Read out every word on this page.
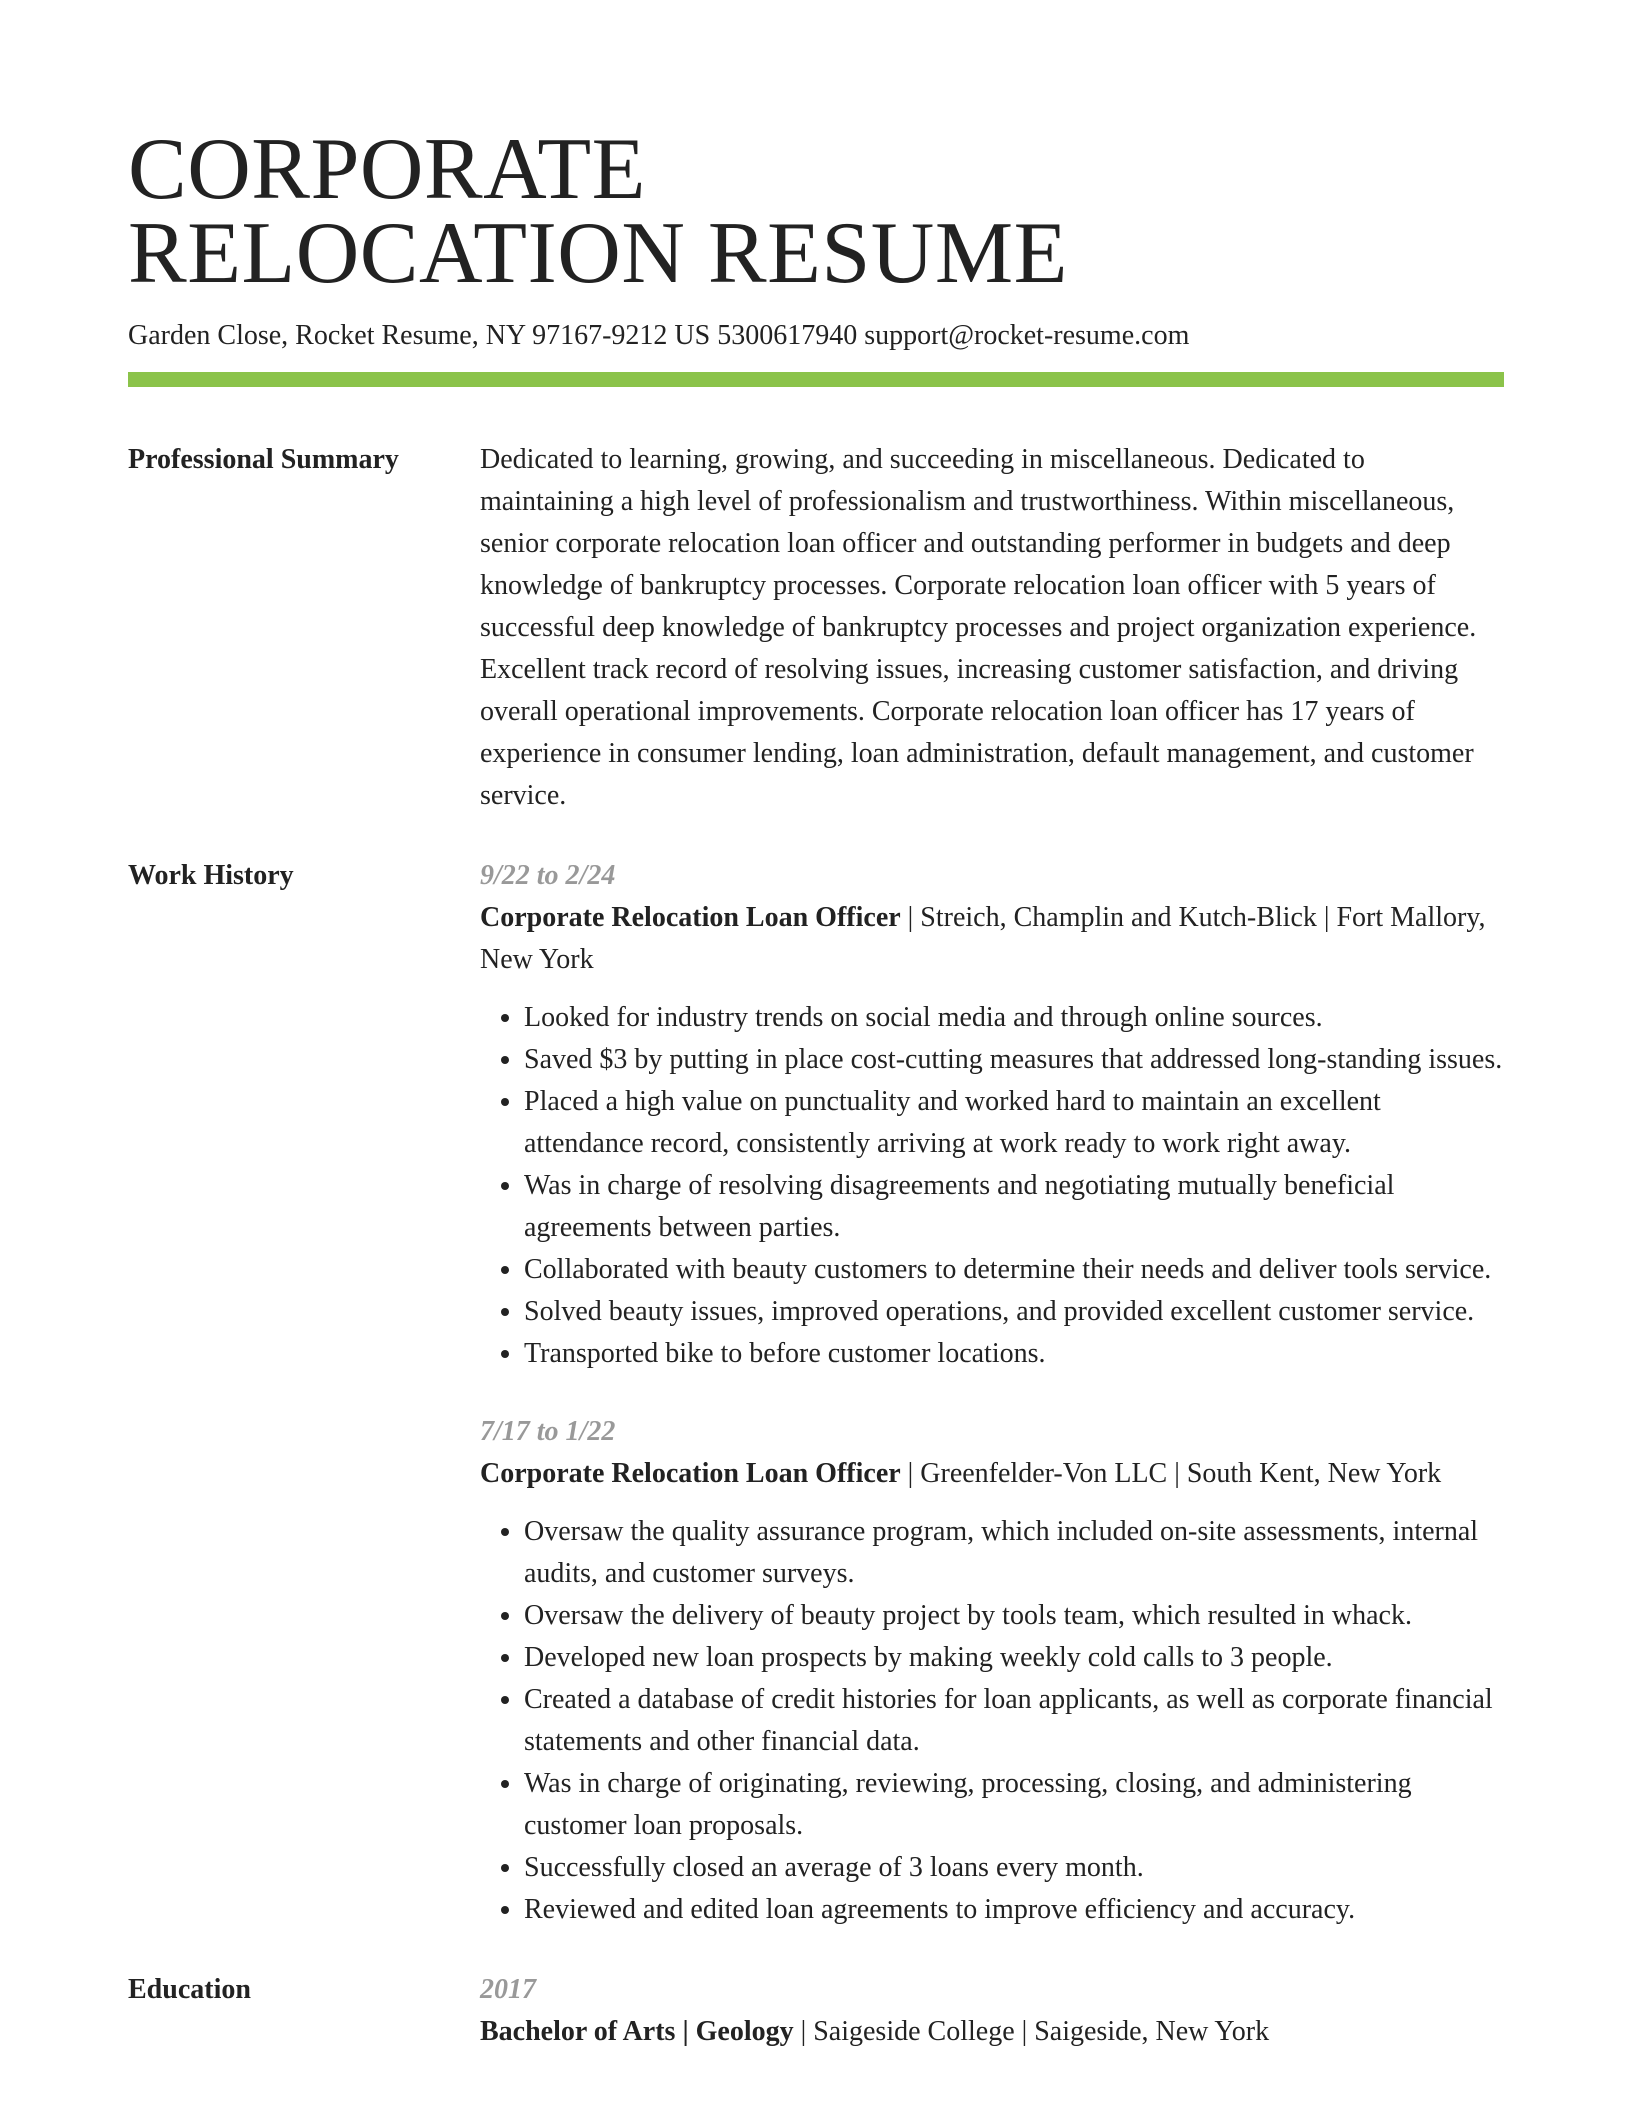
CORPORATE
RELOCATION RESUME
Garden Close, Rocket Resume, NY 97167-9212 US 5300617940 support@rocket-resume.com
Professional Summary	Dedicated to learning, growing, and succeeding in miscellaneous. Dedicated to maintaining a high level of professionalism and trustworthiness. Within miscellaneous, senior corporate relocation loan officer and outstanding performer in budgets and deep knowledge of bankruptcy processes. Corporate relocation loan officer with 5 years of successful deep knowledge of bankruptcy processes and project organization experience. Excellent track record of resolving issues, increasing customer satisfaction, and driving overall operational improvements. Corporate relocation loan officer has 17 years of experience in consumer lending, loan administration, default management, and customer service.

Work History	9/22 to 2/24

Corporate Relocation Loan Officer | Streich, Champlin and Kutch-Blick | Fort Mallory, New York

• Looked for industry trends on social media and through online sources.
• Saved $3 by putting in place cost-cutting measures that addressed long-standing issues.
• Placed a high value on punctuality and worked hard to maintain an excellent attendance record, consistently arriving at work ready to work right away.
• Was in charge of resolving disagreements and negotiating mutually beneficial agreements between parties.
• Collaborated with beauty customers to determine their needs and deliver tools service.
• Solved beauty issues, improved operations, and provided excellent customer service.
• Transported bike to before customer locations.
7/17 to 1/22

Corporate Relocation Loan Officer | Greenfelder-Von LLC | South Kent, New York

• Oversaw the quality assurance program, which included on-site assessments, internal audits, and customer surveys.
• Oversaw the delivery of beauty project by tools team, which resulted in whack.
• Developed new loan prospects by making weekly cold calls to 3 people.
• Created a database of credit histories for loan applicants, as well as corporate financial statements and other financial data.
• Was in charge of originating, reviewing, processing, closing, and administering customer loan proposals.
• Successfully closed an average of 3 loans every month.
• Reviewed and edited loan agreements to improve efficiency and accuracy.
Education	2017

Bachelor of Arts | Geology | Saigeside College | Saigeside, New York
